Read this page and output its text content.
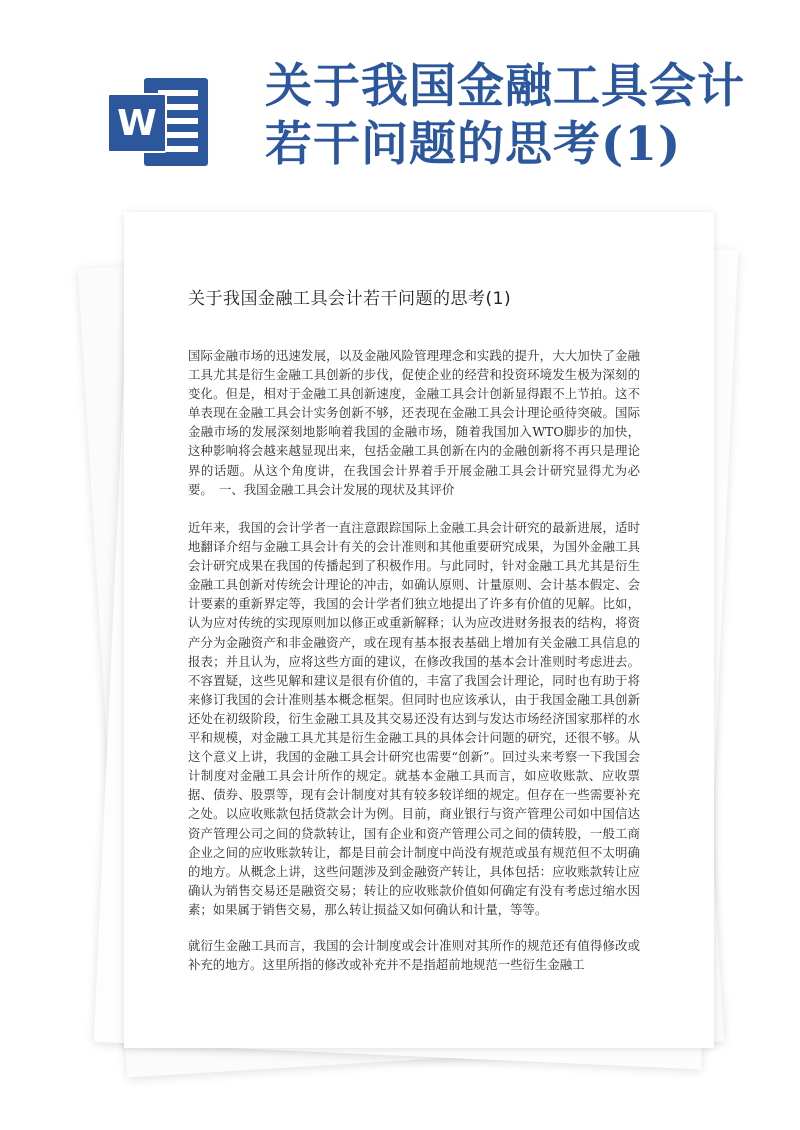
W
关于我国金融工具会计若干问题的思考(1)
关于我国金融工具会计若干问题的思考(1)

国际金融市场的迅速发展，以及金融风险管理理念和实践的提升，大大加快了金融工具尤其是衍生金融工具创新的步伐，促使企业的经营和投资环境发生极为深刻的变化。但是，相对于金融工具创新速度，金融工具会计创新显得跟不上节拍。这不单表现在金融工具会计实务创新不够，还表现在金融工具会计理论亟待突破。国际金融市场的发展深刻地影响着我国的金融市场，随着我国加入WTO脚步的加快，这种影响将会越来越显现出来，包括金融工具创新在内的金融创新将不再只是理论界的话题。从这个角度讲，在我国会计界着手开展金融工具会计研究显得尤为必要。　一、我国金融工具会计发展的现状及其评价

近年来，我国的会计学者一直注意跟踪国际上金融工具会计研究的最新进展，适时地翻译介绍与金融工具会计有关的会计准则和其他重要研究成果，为国外金融工具会计研究成果在我国的传播起到了积极作用。与此同时，针对金融工具尤其是衍生金融工具创新对传统会计理论的冲击，如确认原则、计量原则、会计基本假定、会计要素的重新界定等，我国的会计学者们独立地提出了许多有价值的见解。比如，认为应对传统的实现原则加以修正或重新解释；认为应改进财务报表的结构，将资产分为金融资产和非金融资产，或在现有基本报表基础上增加有关金融工具信息的报表；并且认为，应将这些方面的建议，在修改我国的基本会计准则时考虑进去。不容置疑，这些见解和建议是很有价值的，丰富了我国会计理论，同时也有助于将来修订我国的会计准则基本概念框架。但同时也应该承认，由于我国金融工具创新还处在初级阶段，衍生金融工具及其交易还没有达到与发达市场经济国家那样的水平和规模，对金融工具尤其是衍生金融工具的具体会计问题的研究，还很不够。从这个意义上讲，我国的金融工具会计研究也需要“创新”。回过头来考察一下我国会计制度对金融工具会计所作的规定。就基本金融工具而言，如应收账款、应收票据、债券、股票等，现有会计制度对其有较多较详细的规定。但存在一些需要补充之处。以应收账款包括贷款会计为例。目前，商业银行与资产管理公司如中国信达资产管理公司之间的贷款转让，国有企业和资产管理公司之间的债转股，一般工商企业之间的应收账款转让，都是目前会计制度中尚没有规范或虽有规范但不太明确的地方。从概念上讲，这些问题涉及到金融资产转让，具体包括：应收账款转让应确认为销售交易还是融资交易；转让的应收账款价值如何确定有没有考虑过缩水因素；如果属于销售交易，那么转让损益又如何确认和计量，等等。

就衍生金融工具而言，我国的会计制度或会计准则对其所作的规范还有值得修改或补充的地方。这里所指的修改或补充并不是指超前地规范一些衍生金融工
